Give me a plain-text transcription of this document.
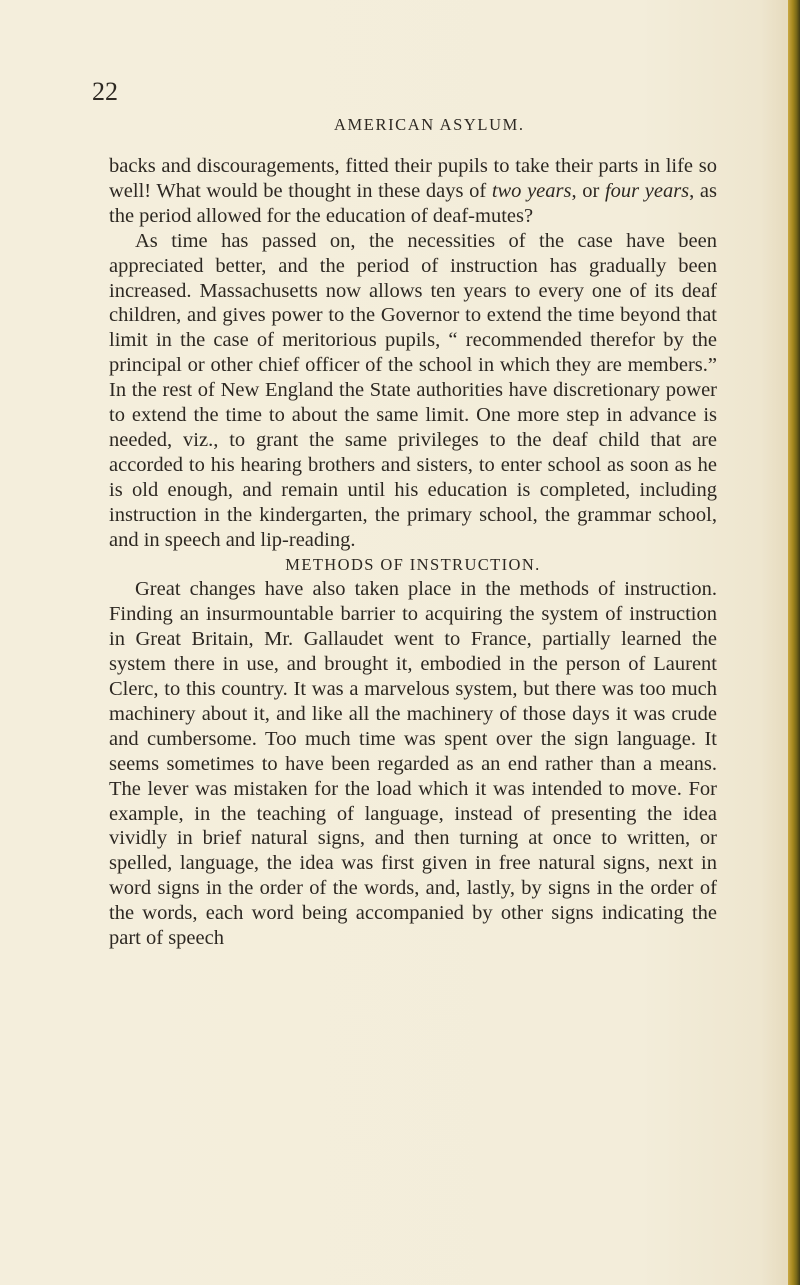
22
AMERICAN ASYLUM.

backs and discouragements, fitted their pupils to take their parts in life so well! What would be thought in these days of two years, or four years, as the period allowed for the education of deaf-mutes?

As time has passed on, the necessities of the case have been appreciated better, and the period of instruction has gradually been increased. Massachusetts now allows ten years to every one of its deaf children, and gives power to the Governor to extend the time beyond that limit in the case of meritorious pupils, “ recommended therefor by the principal or other chief officer of the school in which they are members.” In the rest of New England the State authorities have discretionary power to extend the time to about the same limit. One more step in advance is needed, viz., to grant the same privileges to the deaf child that are accorded to his hearing brothers and sisters, to enter school as soon as he is old enough, and remain until his education is completed, including instruction in the kindergarten, the primary school, the grammar school, and in speech and lip-reading.

METHODS OF INSTRUCTION.

Great changes have also taken place in the methods of instruction. Finding an insurmountable barrier to acquiring the system of instruction in Great Britain, Mr. Gallaudet went to France, partially learned the system there in use, and brought it, embodied in the person of Laurent Clerc, to this country. It was a marvelous system, but there was too much machinery about it, and like all the machinery of those days it was crude and cumbersome. Too much time was spent over the sign language. It seems sometimes to have been regarded as an end rather than a means. The lever was mistaken for the load which it was intended to move. For example, in the teaching of language, instead of presenting the idea vividly in brief natural signs, and then turning at once to written, or spelled, language, the idea was first given in free natural signs, next in word signs in the order of the words, and, lastly, by signs in the order of the words, each word being accompanied by other signs indicating the part of speech
